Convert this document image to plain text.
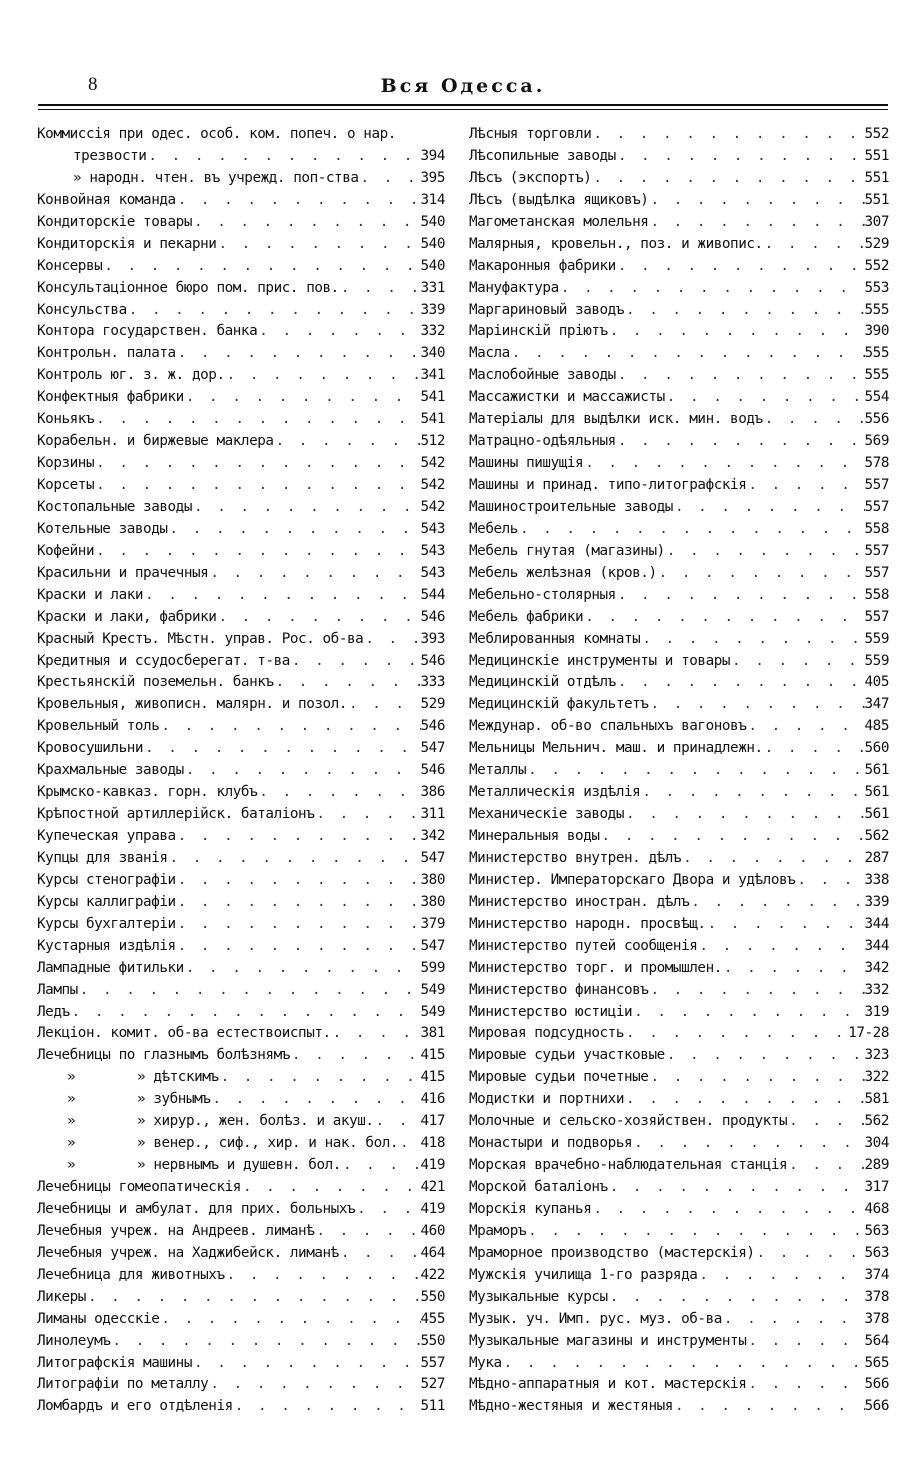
8	Вся Одесса.
Коммиссія при одес. особ. ком. попеч. о нар.
трезвости . . .	394
» народн. чтен. въ учрежд. поп-ства . . .	395
Конвойная команда . . .	314
Кондиторскіе товары . . .	540
Кондиторскія и пекарни . . .	540
Консервы . . .	540
Консультаціонное бюро пом. прис. пов. . . .	331
Консульства . . .	339
Контора государствен. банка . . .	332
Контрольн. палата . . .	340
Контроль юг. з. ж. дор. . . .	341
Конфектныя фабрики . . .	541
Коньякъ . . .	541
Корабельн. и биржевые маклера . . .	512
Корзины . . .	542
Корсеты . . .	542
Костопальные заводы . . .	542
Котельные заводы . . .	543
Кофейни . . .	543
Красильни и прачечныя . . .	543
Краски и лаки . . .	544
Краски и лаки, фабрики . . .	546
Красный Крестъ. Мѣстн. управ. Рос. об-ва . . .	393
Кредитныя и ссудосберегат. т-ва . . .	546
Крестьянскій поземельн. банкъ . . .	333
Кровельныя, живописн. малярн. и позол. . . .	529
Кровельный толь . . .	546
Кровосушильни . . .	547
Крахмальные заводы . . .	546
Крымско-кавказ. горн. клубъ . . .	386
Крѣпостной артиллерійск. баталіонъ . . .	311
Купеческая управа . . .	342
Купцы для званія . . .	547
Курсы стенографіи . . .	380
Курсы каллиграфіи . . .	380
Курсы бухгалтеріи . . .	379
Кустарныя издѣлія . . .	547
Лампадные фитильки . . .	599
Лампы . . .	549
Ледъ . . .	549
Лекціон. комит. об-ва естествоиспыт. . . .	381
Лечебницы по глазнымъ болѣзнямъ . . .	415
»	» дѣтскимъ . . .	415
»	» зубнымъ . . .	416
»	» хирур., жен. болѣз. и акуш. . . .	417
»	» венер., сиф., хир. и нак. бол. . . . 418
»	» нервнымъ и душевн. бол. . . .	419
Лечебницы гомеопатическія . . .	421
Лечебницы и амбулат. для прих. больныхъ . . .	419
Лечебныя учреж. на Андреев. лиманѣ . . .	460
Лечебныя учреж. на Хаджибейск. лиманѣ . . .	464
Лечебница для животныхъ . . .	422
Ликеры . . .	550
Лиманы одесскіе . . .	455
Линолеумъ . . .	550
Литографскія машины . . .	557
Литографіи по металлу . . .	527
Ломбардъ и его отдѣленія . . .	511
Лѣсныя торговли . . .	552
Лѣсопильные заводы . . .	551
Лѣсъ (экспортъ) . . .	551
Лѣсъ (выдѣлка ящиковъ) . . .	551
Магометанская молельня . . .	307
Малярныя, кровельн., поз. и живопис. . . .	529
Макаронныя фабрики . . .	552
Мануфактура . . .	553
Маргариновый заводъ . . .	555
Маріинскій пріютъ . . .	390
Масла . . .	555
Маслобойные заводы . . .	555
Массажистки и массажисты . . .	554
Матеріалы для выдѣлки иск. мин. водъ . . .	556
Матрацно-одѣяльныя . . .	569
Машины пишущія . . .	578
Машины и принад. типо-литографскія . . .	557
Машиностроительные заводы . . .	557
Мебель . . .	558
Мебель гнутая (магазины) . . .	557
Мебель желѣзная (кров.) . . .	557
Мебельно-столярныя . . .	558
Мебель фабрики . . .	557
Меблированныя комнаты . . .	559
Медицинскіе инструменты и товары . . .	559
Медицинскій отдѣлъ . . .	405
Медицинскій факультетъ . . .	347
Междунар. об-во спальныхъ вагоновъ . . .	485
Мельницы Мельнич. маш. и принадлежн. . . .	560
Металлы . . .	561
Металлическія издѣлія . . .	561
Механическіе заводы . . .	561
Минеральныя воды . . .	562
Министерство внутрен. дѣлъ . . .	287
Министер. Императорскаго Двора и удѣловъ . . .	338
Министерство иностран. дѣлъ . . .	339
Министерство народн. просвѣщ. . . .	344
Министерство путей сообщенія . . .	344
Министерство торг. и промышлен. . . .	342
Министерство финансовъ . . .	332
Министерство юстиціи . . .	319
Мировая подсудность . . .	17-28
Мировые судьи участковые . . .	323
Мировые судьи почетные . . .	322
Модистки и портнихи . . .	581
Молочные и сельско-хозяйствен. продукты . . .	562
Монастыри и подворья . . .	304
Морская врачебно-наблюдательная станція . . .	289
Морской баталіонъ . . .	317
Морскія купанья . . .	468
Мраморъ . . .	563
Мраморное производство (мастерскія) . . .	563
Мужскія училища 1-го разряда . . .	374
Музыкальные курсы . . .	378
Музык. уч. Имп. рус. муз. об-ва . . .	378
Музыкальные магазины и инструменты . . .	564
Мука . . .	565
Мѣдно-аппаратныя и кот. мастерскія . . .	566
Мѣдно-жестяныя и жестяныя . . .	566
